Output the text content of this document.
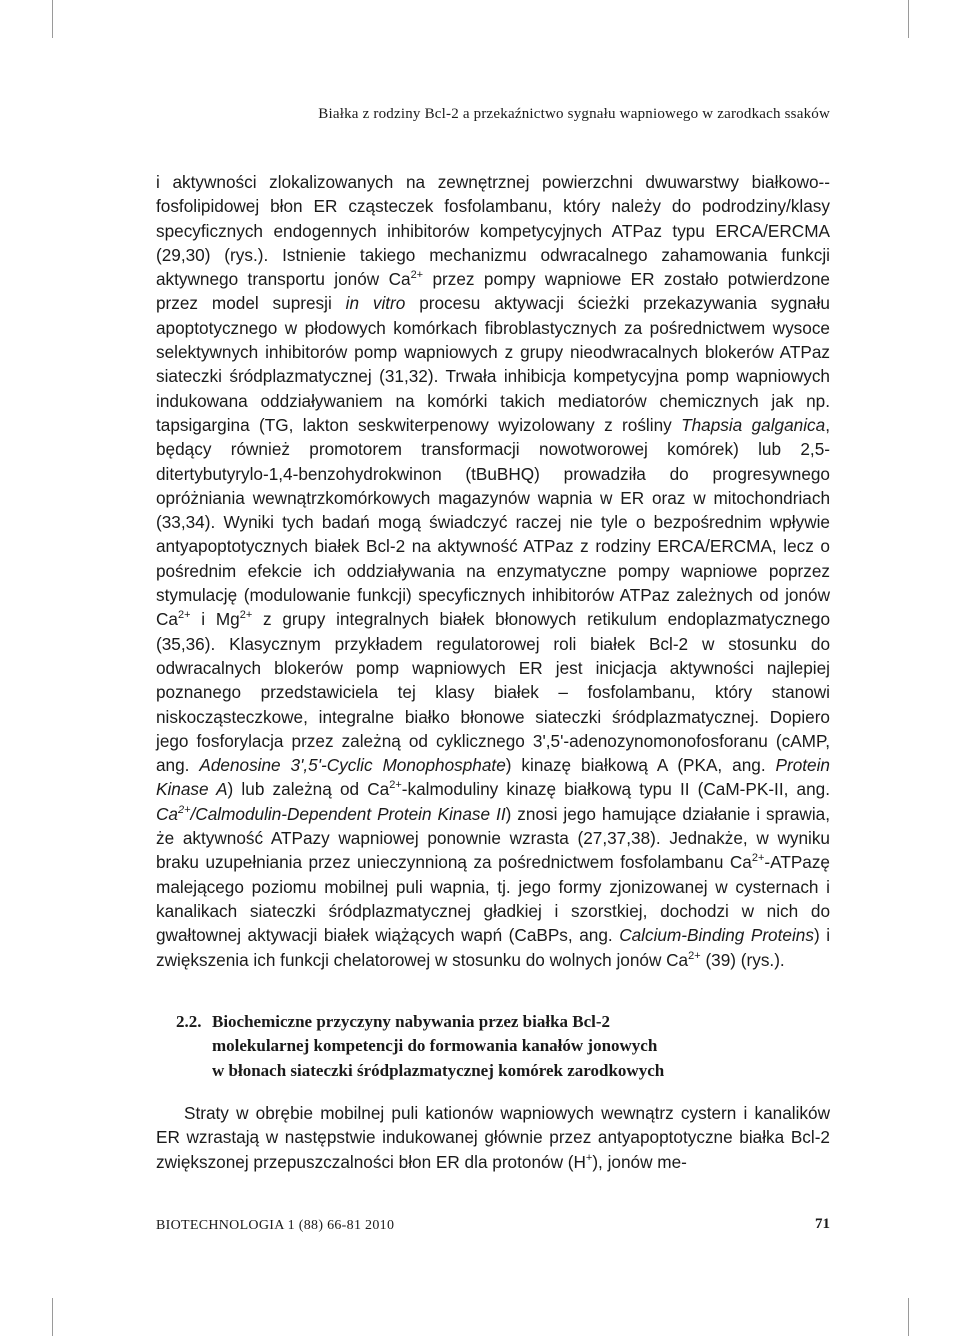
Białka z rodziny Bcl-2 a przekaźnictwo sygnału wapniowego w zarodkach ssaków

i aktywności zlokalizowanych na zewnętrznej powierzchni dwuwarstwy białkowo--fosfolipidowej błon ER cząsteczek fosfolambanu, który należy do podrodziny/klasy specyficznych endogennych inhibitorów kompetycyjnych ATPaz typu ERCA/ERCMA (29,30) (rys.). Istnienie takiego mechanizmu odwracalnego zahamowania funkcji aktywnego transportu jonów $Ca^{2+}$ przez pompy wapniowe ER zostało potwierdzone przez model supresji in vitro procesu aktywacji ścieżki przekazywania sygnału apoptotycznego w płodowych komórkach fibroblastycznych za pośrednictwem wysoce selektywnych inhibitorów pomp wapniowych z grupy nieodwracalnych blokerów ATPaz siateczki śródplazmatycznej (31,32). Trwała inhibicja kompetycyjna pomp wapniowych indukowana oddziaływaniem na komórki takich mediatorów chemicznych jak np. tapsigargina (TG, lakton seskwiterpenowy wyizolowany z rośliny Thapsia galganica, będący również promotorem transformacji nowotworowej komórek) lub 2,5-ditertybutyrylo-1,4-benzohydrokwinon (tBuBHQ) prowadziła do progresywnego opróżniania wewnątrzkomórkowych magazynów wapnia w ER oraz w mitochondriach (33,34). Wyniki tych badań mogą świadczyć raczej nie tyle o bezpośrednim wpływie antyapoptotycznych białek Bcl-2 na aktywność ATPaz z rodziny ERCA/ERCMA, lecz o pośrednim efekcie ich oddziaływania na enzymatyczne pompy wapniowe poprzez stymulację (modulowanie funkcji) specyficznych inhibitorów ATPaz zależnych od jonów $Ca^{2+}$ i $Mg^{2+}$ z grupy integralnych białek błonowych retikulum endoplazmatycznego (35,36). Klasycznym przykładem regulatorowej roli białek Bcl-2 w stosunku do odwracalnych blokerów pomp wapniowych ER jest inicjacja aktywności najlepiej poznanego przedstawiciela tej klasy białek – fosfolambanu, który stanowi niskocząsteczkowe, integralne białko błonowe siateczki śródplazmatycznej. Dopiero jego fosforylacja przez zależną od cyklicznego 3',5'-adenozynomonofosforanu (cAMP, ang. Adenosine 3',5'-Cyclic Monophosphate) kinazę białkową A (PKA, ang. Protein Kinase A) lub zależną od $Ca^{2+}$-kalmoduliny kinazę białkową typu II (CaM-PK-II, ang. $Ca^{2+}/Calmodulin$-Dependent Protein Kinase II) znosi jego hamujące działanie i sprawia, że aktywność ATPazy wapniowej ponownie wzrasta (27,37,38). Jednakże, w wyniku braku uzupełniania przez unieczynnioną za pośrednictwem fosfolambanu $Ca^{2+}$-ATPazę malejącego poziomu mobilnej puli wapnia, tj. jego formy zjonizowanej w cysternach i kanalikach siateczki śródplazmatycznej gładkiej i szorstkiej, dochodzi w nich do gwałtownej aktywacji białek wiążących wapń (CaBPs, ang. Calcium-Binding Proteins) i zwiększenia ich funkcji chelatorowej w stosunku do wolnych jonów $Ca^{2+}$ (39) (rys.).

2.2. Biochemiczne przyczyny nabywania przez białka Bcl-2
molekularnej kompetencji do formowania kanałów jonowych
w błonach siateczki śródplazmatycznej komórek zarodkowych
Straty w obrębie mobilnej puli kationów wapniowych wewnątrz cystern i kanalików ER wzrastają w następstwie indukowanej głównie przez antyapoptotyczne białka Bcl-2 zwiększonej przepuszczalności błon ER dla protonów (H+), jonów me-
BIOTECHNOLOGIA 1 (88) 66-81 2010	71
